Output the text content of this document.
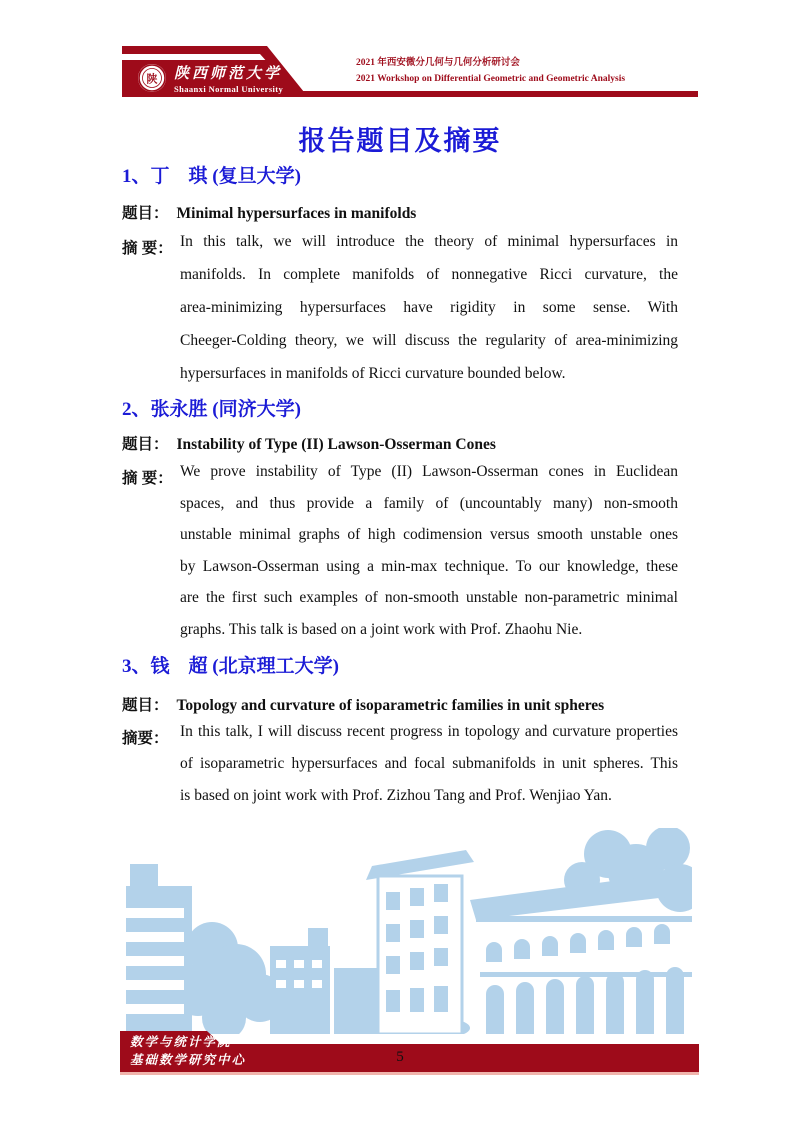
陕 陕西师范大学
Shaanxi Normal University
2021 年西安微分几何与几何分析研讨会
2021 Workshop on Differential Geometric and Geometric Analysis
报告题目及摘要
1、丁　琪 (复旦大学)
题目： Minimal hypersurfaces in manifolds
摘 要： In this talk, we will introduce the theory of minimal hypersurfaces in
manifolds. In complete manifolds of nonnegative Ricci curvature, the
area-minimizing hypersurfaces have rigidity in some sense. With
Cheeger-Colding theory, we will discuss the regularity of area-minimizing
hypersurfaces in manifolds of Ricci curvature bounded below.
2、张永胜 (同济大学)
题目： Instability of Type (II) Lawson-Osserman Cones
摘 要： We prove instability of Type (II) Lawson-Osserman cones in Euclidean
spaces, and thus provide a family of (uncountably many) non-smooth
unstable minimal graphs of high codimension versus smooth unstable ones
by Lawson-Osserman using a min-max technique. To our knowledge, these
are the first such examples of non-smooth unstable non-parametric minimal
graphs. This talk is based on a joint work with Prof. Zhaohu Nie.
3、钱　超 (北京理工大学)
题目： Topology and curvature of isoparametric families in unit spheres
摘要： In this talk, I will discuss recent progress in topology and curvature properties
of isoparametric hypersurfaces and focal submanifolds in unit spheres. This
is based on joint work with Prof. Zizhou Tang and Prof. Wenjiao Yan.
数学与统计学院
基础数学研究中心	5
